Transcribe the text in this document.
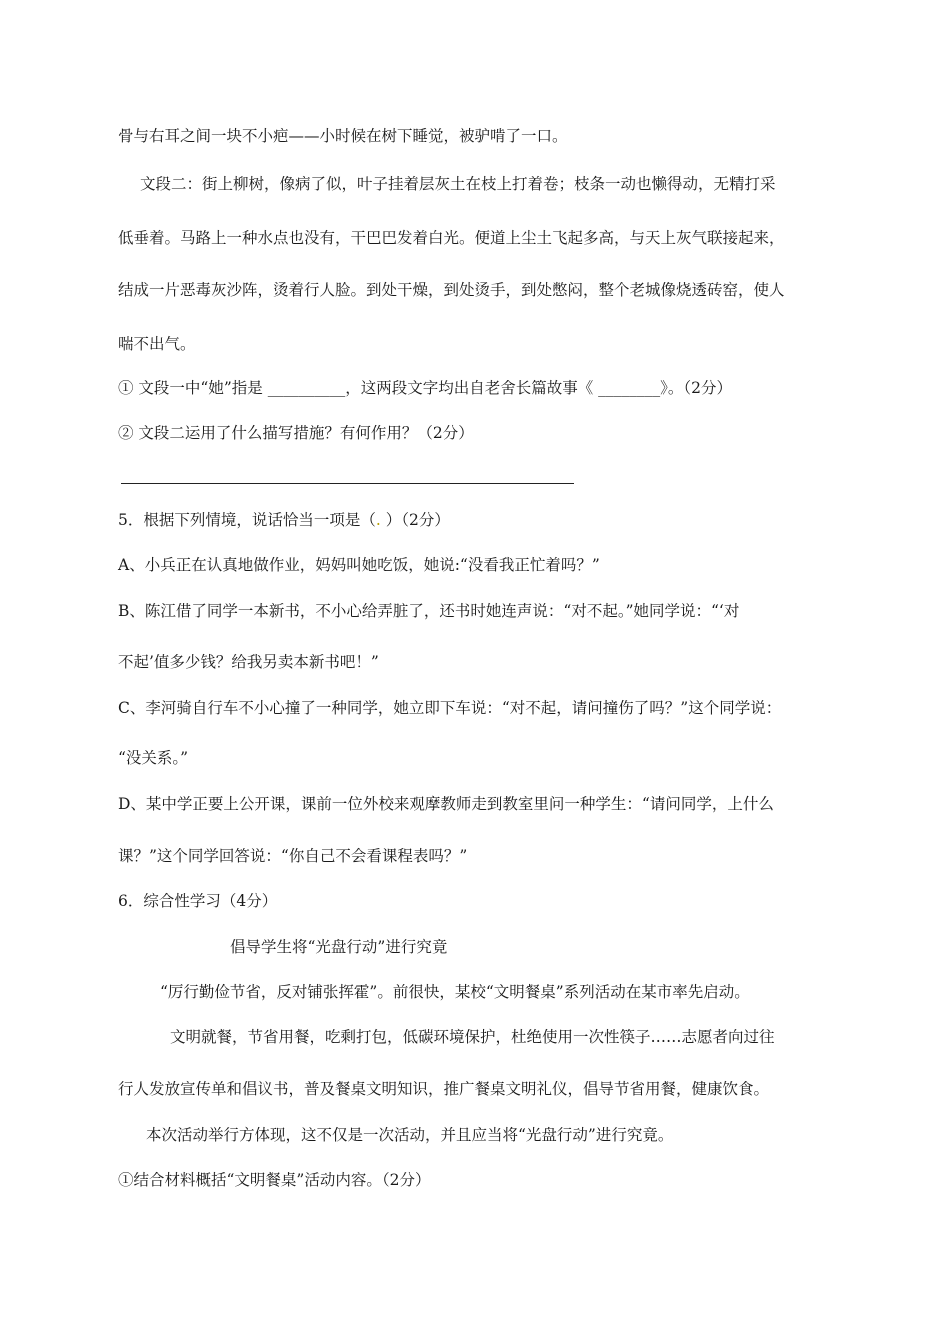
骨与右耳之间一块不小疤——小时候在树下睡觉，被驴啃了一口。
文段二：街上柳树，像病了似，叶子挂着层灰土在枝上打着卷；枝条一动也懒得动，无精打采
低垂着。马路上一种水点也没有，干巴巴发着白光。便道上尘土飞起多高，与天上灰气联接起来，
结成一片恶毒灰沙阵，烫着行人脸。到处干燥，到处烫手，到处憋闷，整个老城像烧透砖窑，使人
喘不出气。
① 文段一中“她”指是 __________，这两段文字均出自老舍长篇故事《 ________》。（2分）
② 文段二运用了什么描写措施？有何作用？（2分）
5．根据下列情境，说话恰当一项是（. ）（2分）
A、小兵正在认真地做作业，妈妈叫她吃饭，她说:“没看我正忙着吗？”
B、陈江借了同学一本新书，不小心给弄脏了，还书时她连声说：“对不起。”她同学说：“‘对
不起’值多少钱？给我另卖本新书吧！”
C、李河骑自行车不小心撞了一种同学，她立即下车说：“对不起，请问撞伤了吗？”这个同学说：
“没关系。”
D、某中学正要上公开课，课前一位外校来观摩教师走到教室里问一种学生：“请问同学，上什么
课？”这个同学回答说：“你自己不会看课程表吗？”
6．综合性学习（4分）
倡导学生将“光盘行动”进行究竟
“厉行勤俭节省，反对铺张挥霍”。前很快，某校“文明餐桌”系列活动在某市率先启动。
文明就餐，节省用餐，吃剩打包，低碳环境保护，杜绝使用一次性筷子……志愿者向过往
行人发放宣传单和倡议书，普及餐桌文明知识，推广餐桌文明礼仪，倡导节省用餐，健康饮食。
本次活动举行方体现，这不仅是一次活动，并且应当将“光盘行动”进行究竟。
①结合材料概括“文明餐桌”活动内容。（2分）
